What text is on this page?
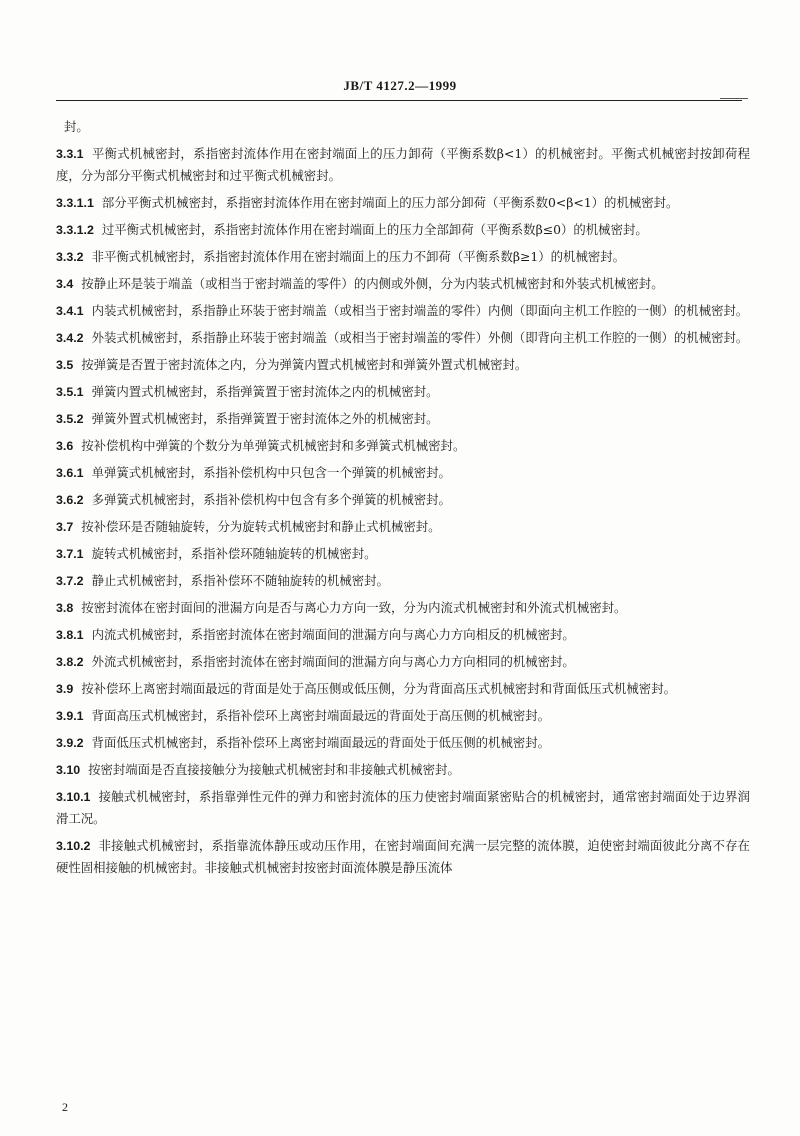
JB/T 4127.2—1999

封。

3.3.1 平衡式机械密封，系指密封流体作用在密封端面上的压力卸荷（平衡系数β<1）的机械密封。平衡式机械密封按卸荷程度，分为部分平衡式机械密封和过平衡式机械密封。

3.3.1.1 部分平衡式机械密封，系指密封流体作用在密封端面上的压力部分卸荷（平衡系数0<β<1）的机械密封。

3.3.1.2 过平衡式机械密封，系指密封流体作用在密封端面上的压力全部卸荷（平衡系数β≤0）的机械密封。

3.3.2 非平衡式机械密封，系指密封流体作用在密封端面上的压力不卸荷（平衡系数β≥1）的机械密封。

3.4 按静止环是装于端盖（或相当于密封端盖的零件）的内侧或外侧，分为内装式机械密封和外装式机械密封。

3.4.1 内装式机械密封，系指静止环装于密封端盖（或相当于密封端盖的零件）内侧（即面向主机工作腔的一侧）的机械密封。

3.4.2 外装式机械密封，系指静止环装于密封端盖（或相当于密封端盖的零件）外侧（即背向主机工作腔的一侧）的机械密封。

3.5 按弹簧是否置于密封流体之内，分为弹簧内置式机械密封和弹簧外置式机械密封。

3.5.1 弹簧内置式机械密封，系指弹簧置于密封流体之内的机械密封。

3.5.2 弹簧外置式机械密封，系指弹簧置于密封流体之外的机械密封。

3.6 按补偿机构中弹簧的个数分为单弹簧式机械密封和多弹簧式机械密封。

3.6.1 单弹簧式机械密封，系指补偿机构中只包含一个弹簧的机械密封。

3.6.2 多弹簧式机械密封，系指补偿机构中包含有多个弹簧的机械密封。

3.7 按补偿环是否随轴旋转，分为旋转式机械密封和静止式机械密封。

3.7.1 旋转式机械密封，系指补偿环随轴旋转的机械密封。

3.7.2 静止式机械密封，系指补偿环不随轴旋转的机械密封。

3.8 按密封流体在密封面间的泄漏方向是否与离心力方向一致，分为内流式机械密封和外流式机械密封。

3.8.1 内流式机械密封，系指密封流体在密封端面间的泄漏方向与离心力方向相反的机械密封。

3.8.2 外流式机械密封，系指密封流体在密封端面间的泄漏方向与离心力方向相同的机械密封。

3.9 按补偿环上离密封端面最远的背面是处于高压侧或低压侧，分为背面高压式机械密封和背面低压式机械密封。

3.9.1 背面高压式机械密封，系指补偿环上离密封端面最远的背面处于高压侧的机械密封。

3.9.2 背面低压式机械密封，系指补偿环上离密封端面最远的背面处于低压侧的机械密封。

3.10 按密封端面是否直接接触分为接触式机械密封和非接触式机械密封。

3.10.1 接触式机械密封，系指靠弹性元件的弹力和密封流体的压力使密封端面紧密贴合的机械密封，通常密封端面处于边界润滑工况。

3.10.2 非接触式机械密封，系指靠流体静压或动压作用，在密封端面间充满一层完整的流体膜，迫使密封端面彼此分离不存在硬性固相接触的机械密封。非接触式机械密封按密封面流体膜是静压流体

2
